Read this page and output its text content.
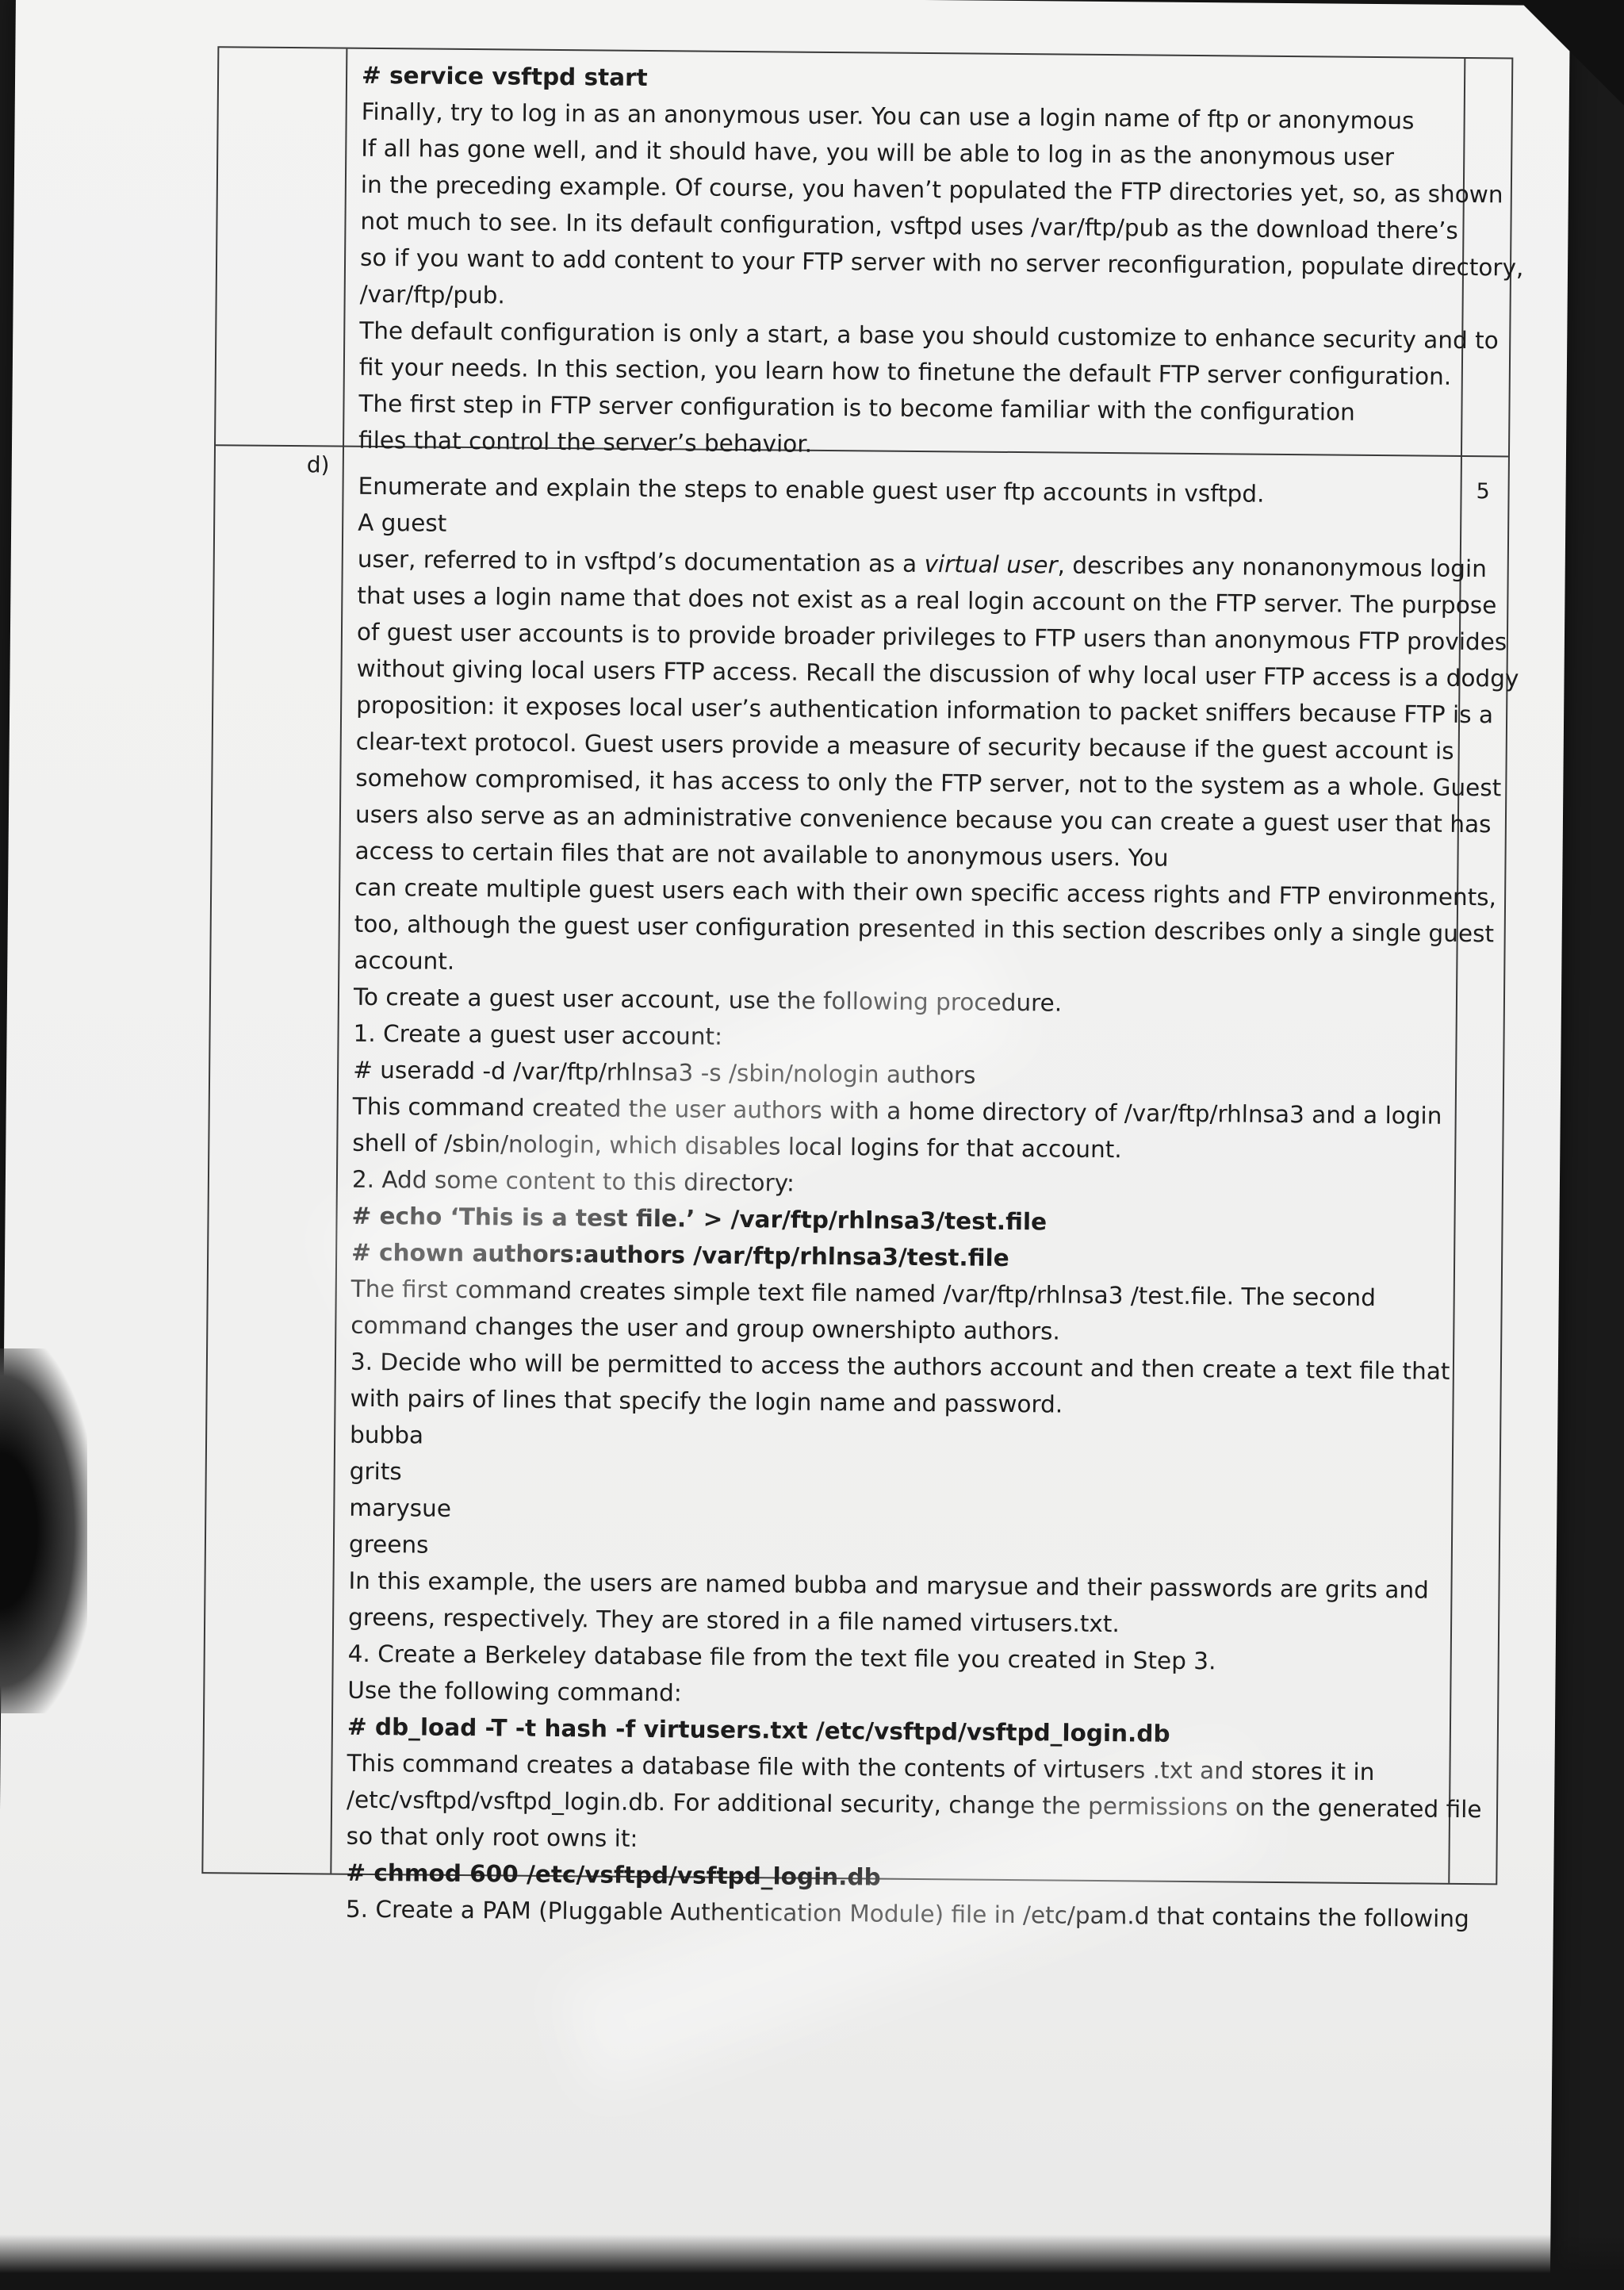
d)
5
# service vsftpd start
Finally, try to log in as an anonymous user. You can use a login name of ftp or anonymous
If all has gone well, and it should have, you will be able to log in as the anonymous user
in the preceding example. Of course, you haven’t populated the FTP directories yet, so, as shown
not much to see. In its default configuration, vsftpd uses /var/ftp/pub as the download there’s
so if you want to add content to your FTP server with no server reconfiguration, populate directory,
/var/ftp/pub.
The default configuration is only a start, a base you should customize to enhance security and to
fit your needs. In this section, you learn how to finetune the default FTP server configuration.
The first step in FTP server configuration is to become familiar with the configuration
files that control the server’s behavior.
Enumerate and explain the steps to enable guest user ftp accounts in vsftpd.
A guest
user, referred to in vsftpd’s documentation as a virtual user, describes any nonanonymous login
that uses a login name that does not exist as a real login account on the FTP server. The purpose
of guest user accounts is to provide broader privileges to FTP users than anonymous FTP provides
without giving local users FTP access. Recall the discussion of why local user FTP access is a dodgy
proposition: it exposes local user’s authentication information to packet sniffers because FTP is a
clear-text protocol. Guest users provide a measure of security because if the guest account is
somehow compromised, it has access to only the FTP server, not to the system as a whole. Guest
users also serve as an administrative convenience because you can create a guest user that has
access to certain files that are not available to anonymous users. You
can create multiple guest users each with their own specific access rights and FTP environments,
too, although the guest user configuration presented in this section describes only a single guest
account.
To create a guest user account, use the following procedure.
1. Create a guest user account:
# useradd -d /var/ftp/rhlnsa3 -s /sbin/nologin authors
This command created the user authors with a home directory of /var/ftp/rhlnsa3 and a login
shell of /sbin/nologin, which disables local logins for that account.
2. Add some content to this directory:
# echo ‘This is a test file.’ > /var/ftp/rhlnsa3/test.file
# chown authors:authors /var/ftp/rhlnsa3/test.file
The first command creates simple text file named /var/ftp/rhlnsa3 /test.file. The second
command changes the user and group ownershipto authors.
3. Decide who will be permitted to access the authors account and then create a text file that
with pairs of lines that specify the login name and password.
bubba
grits
marysue
greens
In this example, the users are named bubba and marysue and their passwords are grits and
greens, respectively. They are stored in a file named virtusers.txt.
4. Create a Berkeley database file from the text file you created in Step 3.
Use the following command:
# db_load -T -t hash -f virtusers.txt /etc/vsftpd/vsftpd_login.db
This command creates a database file with the contents of virtusers .txt and stores it in
/etc/vsftpd/vsftpd_login.db. For additional security, change the permissions on the generated file
so that only root owns it:
# chmod 600 /etc/vsftpd/vsftpd_login.db
5. Create a PAM (Pluggable Authentication Module) file in /etc/pam.d that contains the following
